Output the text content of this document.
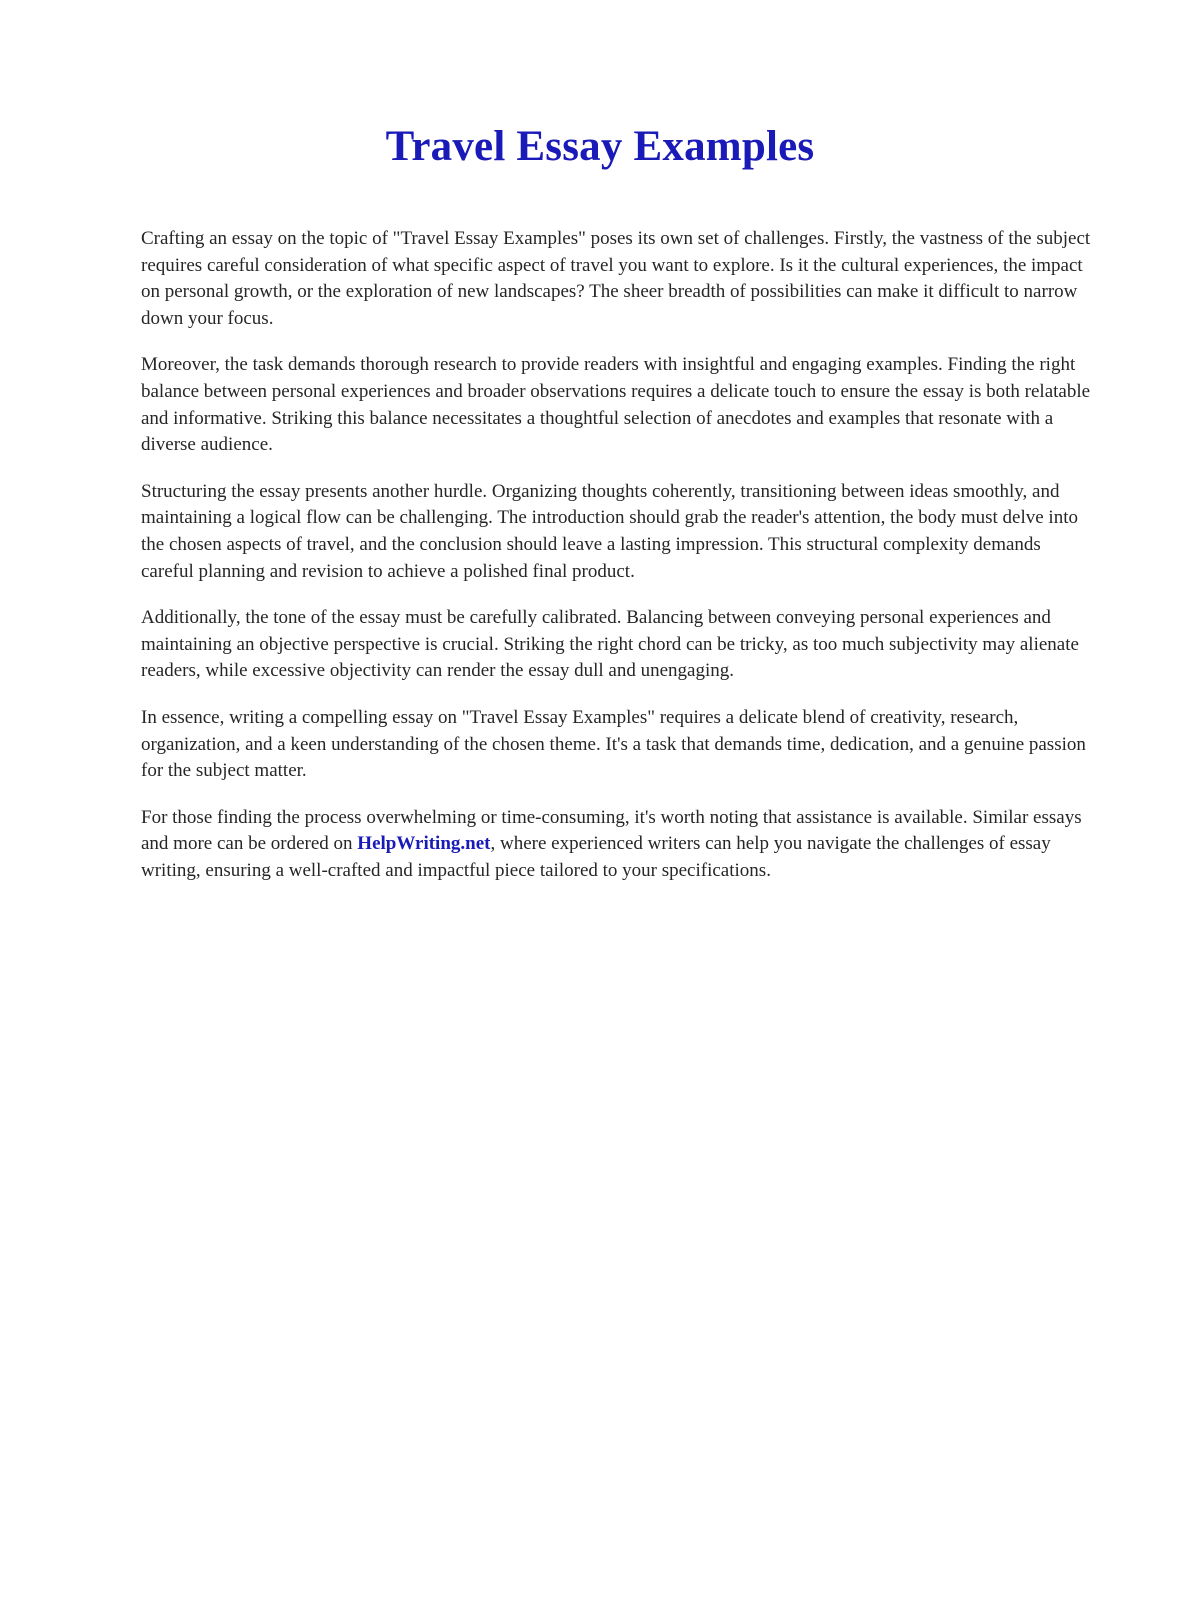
Travel Essay Examples

Crafting an essay on the topic of "Travel Essay Examples" poses its own set of challenges. Firstly, the vastness of the subject requires careful consideration of what specific aspect of travel you want to explore. Is it the cultural experiences, the impact on personal growth, or the exploration of new landscapes? The sheer breadth of possibilities can make it difficult to narrow down your focus.

Moreover, the task demands thorough research to provide readers with insightful and engaging examples. Finding the right balance between personal experiences and broader observations requires a delicate touch to ensure the essay is both relatable and informative. Striking this balance necessitates a thoughtful selection of anecdotes and examples that resonate with a diverse audience.

Structuring the essay presents another hurdle. Organizing thoughts coherently, transitioning between ideas smoothly, and maintaining a logical flow can be challenging. The introduction should grab the reader's attention, the body must delve into the chosen aspects of travel, and the conclusion should leave a lasting impression. This structural complexity demands careful planning and revision to achieve a polished final product.

Additionally, the tone of the essay must be carefully calibrated. Balancing between conveying personal experiences and maintaining an objective perspective is crucial. Striking the right chord can be tricky, as too much subjectivity may alienate readers, while excessive objectivity can render the essay dull and unengaging.

In essence, writing a compelling essay on "Travel Essay Examples" requires a delicate blend of creativity, research, organization, and a keen understanding of the chosen theme. It's a task that demands time, dedication, and a genuine passion for the subject matter.

For those finding the process overwhelming or time-consuming, it's worth noting that assistance is available. Similar essays and more can be ordered on HelpWriting.net, where experienced writers can help you navigate the challenges of essay writing, ensuring a well-crafted and impactful piece tailored to your specifications.
